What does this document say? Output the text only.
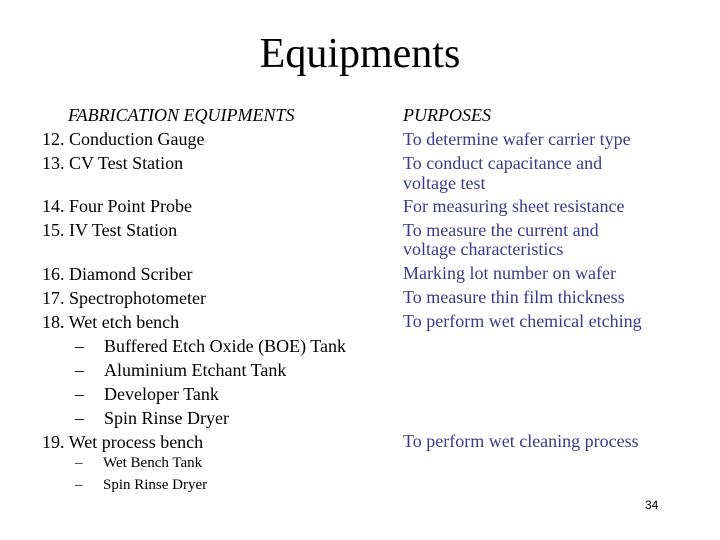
Equipments
FABRICATION EQUIPMENTS
12. Conduction Gauge
13. CV Test Station
14. Four Point Probe
15. IV Test Station
16. Diamond Scriber
17. Spectrophotometer
18. Wet etch bench
– Buffered Etch Oxide (BOE) Tank
– Aluminium Etchant Tank
– Developer Tank
– Spin Rinse Dryer
19. Wet process bench
– Wet Bench Tank
– Spin Rinse Dryer
PURPOSES
To determine wafer carrier type
To conduct capacitance and
voltage test
For measuring sheet resistance
To measure the current and
voltage characteristics
Marking lot number on wafer
To measure thin film thickness
To perform wet chemical etching
To perform wet cleaning process
34
